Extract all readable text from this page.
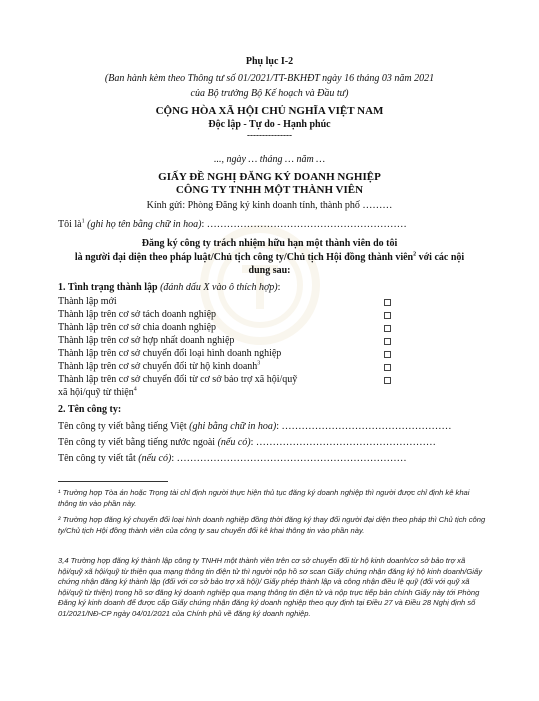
Phụ lục I-2
(Ban hành kèm theo Thông tư số 01/2021/TT-BKHĐT ngày 16 tháng 03 năm 2021
của Bộ trưởng Bộ Kế hoạch và Đầu tư)
CỘNG HÒA XÃ HỘI CHỦ NGHĨA VIỆT NAM
Độc lập - Tự do - Hạnh phúc
---------------
..., ngày … tháng … năm …
GIẤY ĐỀ NGHỊ ĐĂNG KÝ DOANH NGHIỆP
CÔNG TY TNHH MỘT THÀNH VIÊN
Kính gửi: Phòng Đăng ký kinh doanh tỉnh, thành phố ………
Tôi $là^1$ (ghi họ tên bằng chữ in hoa): ……………………………………………………
Đăng ký công ty trách nhiệm hữu hạn một thành viên do tôi
là người đại diện theo pháp luật/Chủ tịch công ty/Chủ tịch Hội đồng thành viên$^2$ với các nội
dung sau:
1. Tình trạng thành lập (đánh dấu X vào ô thích hợp):
Thành lập mới
Thành lập trên cơ sở tách doanh nghiệp
Thành lập trên cơ sở chia doanh nghiệp
Thành lập trên cơ sở hợp nhất doanh nghiệp
Thành lập trên cơ sở chuyển đổi loại hình doanh nghiệp
Thành lập trên cơ sở chuyển đổi từ hộ kinh doanh$^3$
Thành lập trên cơ sở chuyển đổi từ cơ sở bảo trợ xã hội/quỹ
xã hội/quỹ từ thiện$^4$
2. Tên công ty:
Tên công ty viết bằng tiếng Việt (ghi bằng chữ in hoa): ……………………………………………
Tên công ty viết bằng tiếng nước ngoài (nếu có): ………………………………………………
Tên công ty viết tắt (nếu có): ……………………………………………………………
¹ Trường hợp Tòa án hoặc Trọng tài chỉ định người thực hiện thủ tục đăng ký doanh nghiệp thì người được chỉ định kê khai thông tin vào phần này.
² Trường hợp đăng ký chuyển đổi loại hình doanh nghiệp đồng thời đăng ký thay đổi người đại diện theo pháp thì Chủ tịch công ty/Chủ tịch Hội đồng thành viên của công ty sau chuyển đổi kê khai thông tin vào phần này.
3,4 Trường hợp đăng ký thành lập công ty TNHH một thành viên trên cơ sở chuyển đổi từ hộ kinh doanh/cơ sở bảo trợ xã hội/quỹ xã hội/quỹ từ thiện qua mạng thông tin điện tử thì người nộp hồ sơ scan Giấy chứng nhận đăng ký hộ kinh doanh/Giấy chứng nhận đăng ký thành lập (đối với cơ sở bảo trợ xã hội)/ Giấy phép thành lập và công nhận điều lệ quỹ (đối với quỹ xã hội/quỹ từ thiện) trong hồ sơ đăng ký doanh nghiệp qua mạng thông tin điện tử và nộp trực tiếp bản chính Giấy này tới Phòng Đăng ký kinh doanh để được cấp Giấy chứng nhận đăng ký doanh nghiệp theo quy định tại Điều 27 và Điều 28 Nghị định số 01/2021/NĐ-CP ngày 04/01/2021 của Chính phủ về đăng ký doanh nghiệp.
